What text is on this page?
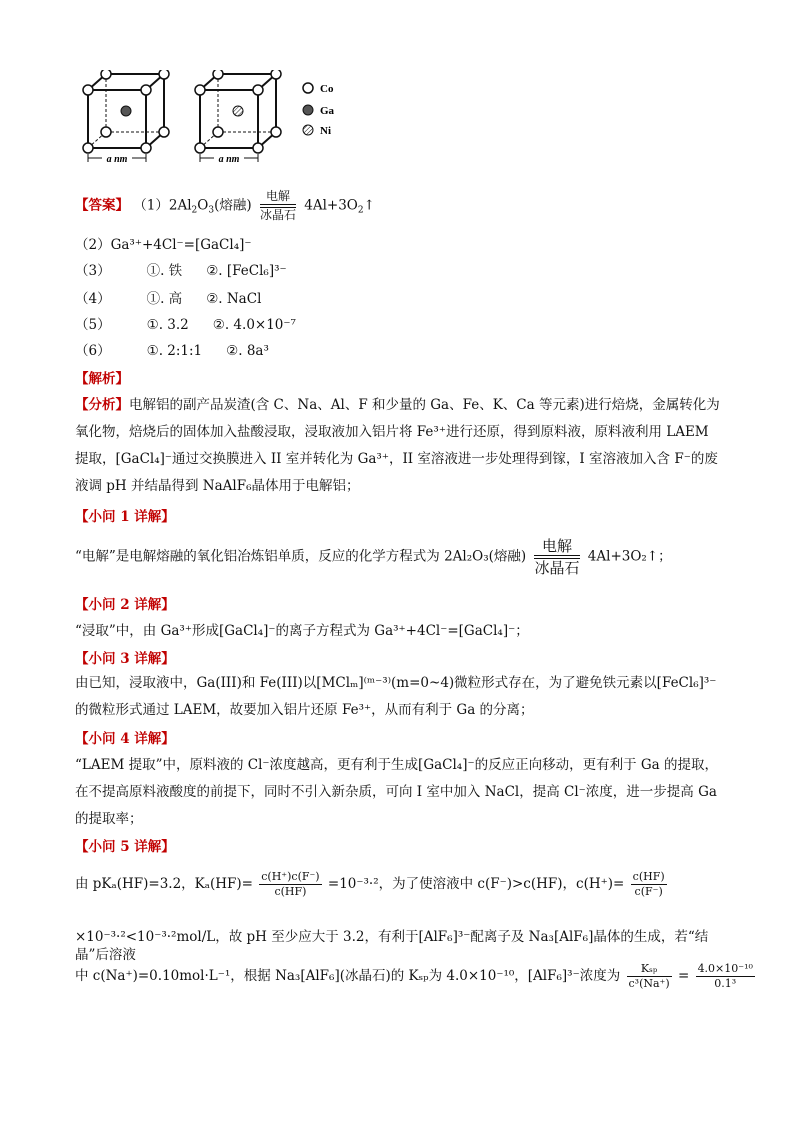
a nm	a nm
Co
Ga
Ni
【答案】 $(1)2Al_2O_3$(熔融)
电解
冰晶石
$4Al+3O_2↑$
（2）Ga³⁺+4Cl⁻=[GaCl₄]⁻
（3）	①. 铁 ②. [FeCl₆]³⁻
（4）	①. 高 ②. NaCl
（5）	①. 3.2 ②. 4.0×10⁻⁷
（6）	①. 2:1:1 ②. 8a³
【解析】
【分析】电解铝的副产品炭渣(含 C、Na、Al、F 和少量的 Ga、Fe、K、Ca 等元素)进行焙烧，金属转化为氧化物，焙烧后的固体加入盐酸浸取，浸取液加入铝片将 Fe³⁺进行还原，得到原料液，原料液利用 LAEM 提取，[GaCl₄]⁻通过交换膜进入 II 室并转化为 Ga³⁺，II 室溶液进一步处理得到镓，I 室溶液加入含 F⁻的废液调 pH 并结晶得到 NaAlF₆晶体用于电解铝；
【小问 1 详解】
“电解”是电解熔融的氧化铝冶炼铝单质，反应的化学方程式为 2Al₂O₃(熔融)
电解
冰晶石
4Al+3O₂↑；
【小问 2 详解】
“浸取”中，由 Ga³⁺形成[GaCl₄]⁻的离子方程式为 Ga³⁺+4Cl⁻=[GaCl₄]⁻；
【小问 3 详解】
由已知，浸取液中，Ga(III)和 Fe(III)以[MClₘ]⁽ᵐ⁻³⁾(m=0~4)微粒形式存在，为了避免铁元素以[FeCl₆]³⁻的微粒形式通过 LAEM，故要加入铝片还原 Fe³⁺，从而有利于 Ga 的分离；
【小问 4 详解】
“LAEM 提取”中，原料液的 Cl⁻浓度越高，更有利于生成[GaCl₄]⁻的反应正向移动，更有利于 Ga 的提取，在不提高原料液酸度的前提下，同时不引入新杂质，可向 I 室中加入 NaCl，提高 Cl⁻浓度，进一步提高 Ga 的提取率；
【小问 5 详解】
由 pKₐ(HF)=3.2，$K_a(HF)= \frac{c(H^+)c(F^-)}{c(HF)} =10^{-3}\cdot^2$，为了使溶液中 c(F⁻)>c(HF)，$c(H^+)= \frac{c(HF)}{c(F^-)}$
×10⁻³·²<10⁻³·²mol/L，故 pH 至少应大于 3.2，有利于[AlF₆]³⁻配离子及 Na₃[AlF₆]晶体的生成，若“结晶”后溶液
中 c(Na⁺)=0.10mol·L⁻¹，根据 Na₃[AlF₆](冰晶石)的 Kₛₚ为 4.0×10⁻¹⁰，[AlF₆]³⁻浓度为 $\frac{\text{Kₛₚ}}{\text{c³(Na⁺)}} = \frac{\text{4.0×10⁻¹⁰}}{\text{0.1³}}$
